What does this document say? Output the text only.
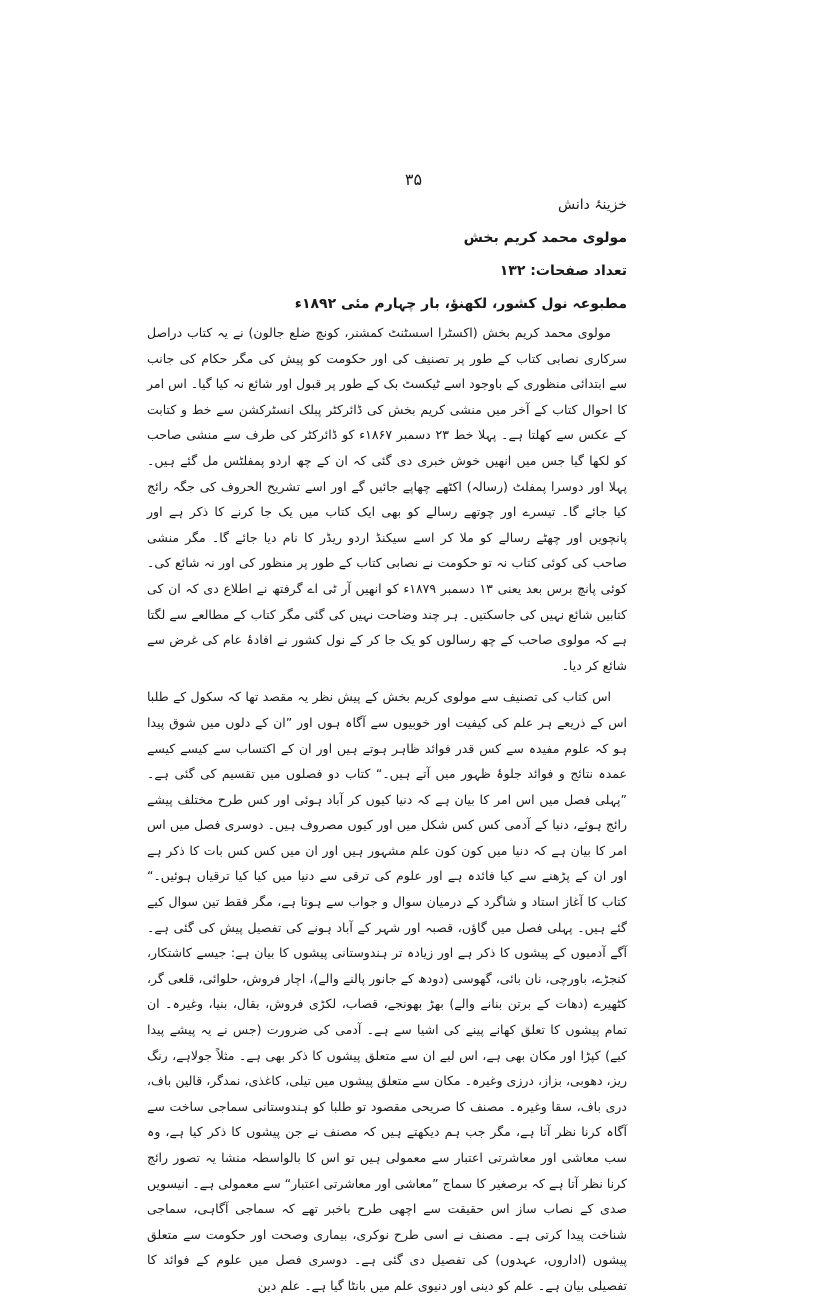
۳۵
خزینۂ دانش
مولوی محمد کریم بخش
تعداد صفحات: ۱۳۲
مطبوعہ نول کشور، لکھنؤ، بار چہارم مئی ۱۸۹۲ء

مولوی محمد کریم بخش (اکسٹرا اسسٹنٹ کمشنر، کونچ ضلع جالون) نے یہ کتاب دراصل سرکاری نصابی کتاب کے طور پر تصنیف کی اور حکومت کو پیش کی مگر حکام کی جانب سے ابتدائی منظوری کے باوجود اسے ٹیکسٹ بک کے طور پر قبول اور شائع نہ کیا گیا۔ اس امر کا احوال کتاب کے آخر میں منشی کریم بخش کی ڈائرکٹر پبلک انسٹرکشن سے خط و کتابت کے عکس سے کھلتا ہے۔ پہلا خط ۲۳ دسمبر ۱۸۶۷ء کو ڈائرکٹر کی طرف سے منشی صاحب کو لکھا گیا جس میں انھیں خوش خبری دی گئی کہ ان کے چھ اردو پمفلٹس مل گئے ہیں۔ پہلا اور دوسرا پمفلٹ (رسالہ) اکٹھے چھاپے جائیں گے اور اسے تشریح الحروف کی جگہ رائج کیا جائے گا۔ تیسرے اور چوتھے رسالے کو بھی ایک کتاب میں یک جا کرنے کا ذکر ہے اور پانچویں اور چھٹے رسالے کو ملا کر اسے سیکنڈ اردو ریڈر کا نام دیا جائے گا۔ مگر منشی صاحب کی کوئی کتاب نہ تو حکومت نے نصابی کتاب کے طور پر منظور کی اور نہ شائع کی۔ کوئی پانچ برس بعد یعنی ۱۳ دسمبر ۱۸۷۹ء کو انھیں آر ٹی اے گرفتھ نے اطلاع دی کہ ان کی کتابیں شائع نہیں کی جاسکتیں۔ ہر چند وضاحت نہیں کی گئی مگر کتاب کے مطالعے سے لگتا ہے کہ مولوی صاحب کے چھ رسالوں کو یک جا کر کے نول کشور نے افادۂ عام کی غرض سے شائع کر دیا۔

اس کتاب کی تصنیف سے مولوی کریم بخش کے پیش نظر یہ مقصد تھا کہ سکول کے طلبا اس کے ذریعے ہر علم کی کیفیت اور خوبیوں سے آگاہ ہوں اور ”ان کے دلوں میں شوق پیدا ہو کہ علوم مفیدہ سے کس قدر فوائد ظاہر ہوتے ہیں اور ان کے اکتساب سے کیسے کیسے عمدہ نتائج و فوائد جلوۂ ظہور میں آتے ہیں۔“ کتاب دو فصلوں میں تقسیم کی گئی ہے۔ ”پہلی فصل میں اس امر کا بیان ہے کہ دنیا کیوں کر آباد ہوئی اور کس طرح مختلف پیشے رائج ہوئے، دنیا کے آدمی کس کس شکل میں اور کیوں مصروف ہیں۔ دوسری فصل میں اس امر کا بیان ہے کہ دنیا میں کون کون علم مشہور ہیں اور ان میں کس کس بات کا ذکر ہے اور ان کے پڑھنے سے کیا فائدہ ہے اور علوم کی ترقی سے دنیا میں کیا کیا ترقیاں ہوئیں۔“ کتاب کا آغاز استاد و شاگرد کے درمیان سوال و جواب سے ہوتا ہے، مگر فقط تین سوال کیے گئے ہیں۔ پہلی فصل میں گاؤں، قصبہ اور شہر کے آباد ہونے کی تفصیل پیش کی گئی ہے۔ آگے آدمیوں کے پیشوں کا ذکر ہے اور زیادہ تر ہندوستانی پیشوں کا بیان ہے: جیسے کاشتکار، کنجڑے، باورچی، نان بائی، گھوسی (دودھ کے جانور پالنے والے)، اچار فروش، حلوائی، قلعی گر، کٹھیرے (دھات کے برتن بنانے والے) بھڑ بھونجے، قصاب، لکڑی فروش، بقال، بنیا، وغیرہ۔ ان تمام پیشوں کا تعلق کھانے پینے کی اشیا سے ہے۔ آدمی کی ضرورت (جس نے یہ پیشے پیدا کیے) کپڑا اور مکان بھی ہے، اس لیے ان سے متعلق پیشوں کا ذکر بھی ہے۔ مثلاً جولاہے، رنگ ریز، دھوبی، بزاز، درزی وغیرہ۔ مکان سے متعلق پیشوں میں تیلی، کاغذی، نمدگر، قالین باف، دری باف، سقا وغیرہ۔ مصنف کا صریحی مقصود تو طلبا کو ہندوستانی سماجی ساخت سے آگاہ کرنا نظر آتا ہے، مگر جب ہم دیکھتے ہیں کہ مصنف نے جن پیشوں کا ذکر کیا ہے، وہ سب معاشی اور معاشرتی اعتبار سے معمولی ہیں تو اس کا بالواسطہ منشا یہ تصور رائج کرنا نظر آتا ہے کہ برصغیر کا سماج ”معاشی اور معاشرتی اعتبار“ سے معمولی ہے۔ انیسویں صدی کے نصاب ساز اس حقیقت سے اچھی طرح باخبر تھے کہ سماجی آگاہی، سماجی شناخت پیدا کرتی ہے۔ مصنف نے اسی طرح نوکری، بیماری وصحت اور حکومت سے متعلق پیشوں (اداروں، عہدوں) کی تفصیل دی گئی ہے۔ دوسری فصل میں علوم کے فوائد کا تفصیلی بیان ہے۔ علم کو دینی اور دنیوی علم میں بانٹا گیا ہے۔ علم دین
